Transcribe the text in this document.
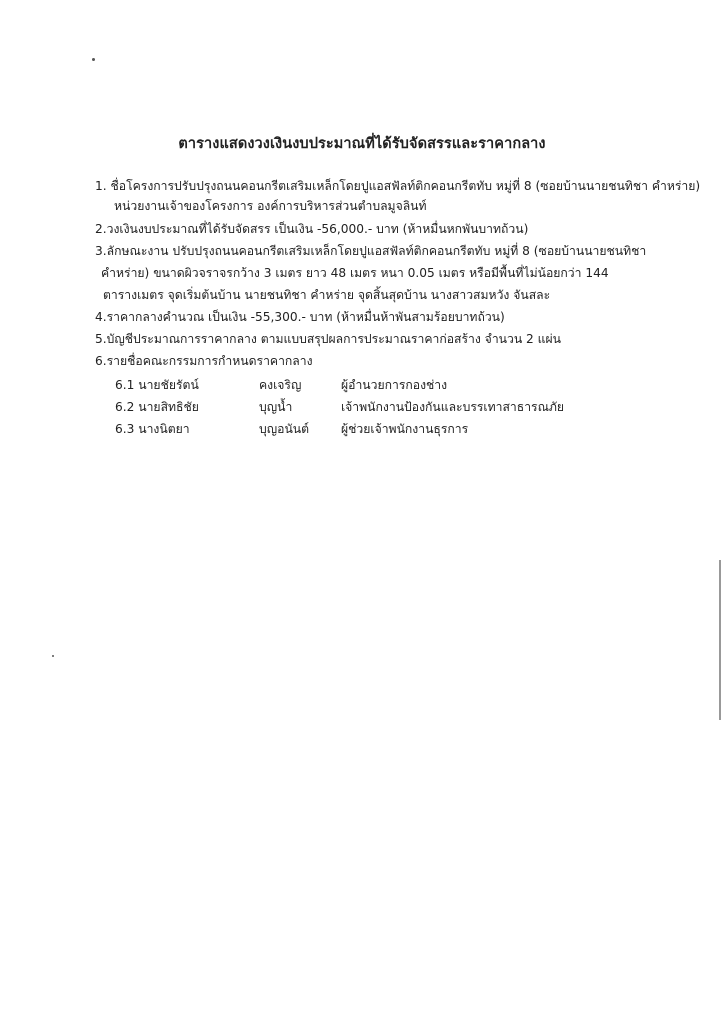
ตารางแสดงวงเงินงบประมาณที่ได้รับจัดสรรและราคากลาง
1. ชื่อโครงการปรับปรุงถนนคอนกรีตเสริมเหล็กโดยปูแอสฟัลท์ติกคอนกรีตทับ หมู่ที่ 8 (ซอยบ้านนายชนทิชา คำหร่าย)
หน่วยงานเจ้าของโครงการ องค์การบริหารส่วนตำบลมูจลินท์
2.วงเงินงบประมาณที่ได้รับจัดสรร เป็นเงิน -56,000.- บาท (ห้าหมื่นหกพันบาทถ้วน)
3.ลักษณะงาน ปรับปรุงถนนคอนกรีตเสริมเหล็กโดยปูแอสฟัลท์ติกคอนกรีตทับ หมู่ที่ 8 (ซอยบ้านนายชนทิชา
คำหร่าย) ขนาดผิวจราจรกว้าง 3 เมตร ยาว 48 เมตร หนา 0.05 เมตร หรือมีพื้นที่ไม่น้อยกว่า 144
ตารางเมตร จุดเริ่มต้นบ้าน นายชนทิชา คำหร่าย จุดสิ้นสุดบ้าน นางสาวสมหวัง จันสละ
4.ราคากลางคำนวณ เป็นเงิน -55,300.- บาท (ห้าหมื่นห้าพันสามร้อยบาทถ้วน)
5.บัญชีประมาณการราคากลาง ตามแบบสรุปผลการประมาณราคาก่อสร้าง จำนวน 2 แผ่น
6.รายชื่อคณะกรรมการกำหนดราคากลาง
6.1 นายชัยรัตน์	คงเจริญ	ผู้อำนวยการกองช่าง
6.2 นายสิทธิชัย	บุญน้ำ	เจ้าพนักงานป้องกันและบรรเทาสาธารณภัย
6.3 นางนิตยา	บุญอนันต์	ผู้ช่วยเจ้าพนักงานธุรการ
